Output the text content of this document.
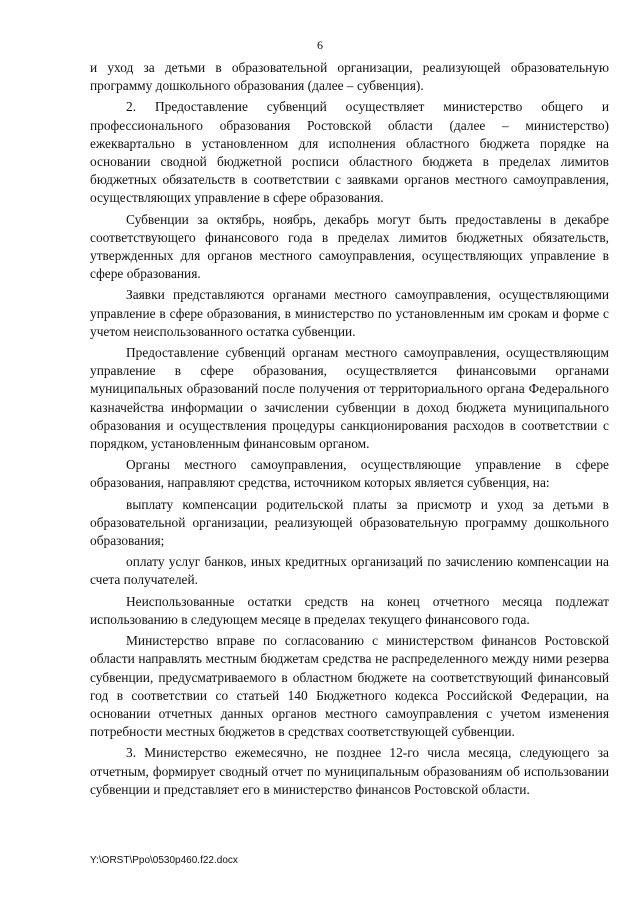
6

и уход за детьми в образовательной организации, реализующей образовательную программу дошкольного образования (далее – субвенция).

2. Предоставление субвенций осуществляет министерство общего и профессионального образования Ростовской области (далее – министерство) ежеквартально в установленном для исполнения областного бюджета порядке на основании сводной бюджетной росписи областного бюджета в пределах лимитов бюджетных обязательств в соответствии с заявками органов местного самоуправления, осуществляющих управление в сфере образования.

Субвенции за октябрь, ноябрь, декабрь могут быть предоставлены в декабре соответствующего финансового года в пределах лимитов бюджетных обязательств, утвержденных для органов местного самоуправления, осуществляющих управление в сфере образования.

Заявки представляются органами местного самоуправления, осуществляющими управление в сфере образования, в министерство по установленным им срокам и форме с учетом неиспользованного остатка субвенции.

Предоставление субвенций органам местного самоуправления, осуществляющим управление в сфере образования, осуществляется финансовыми органами муниципальных образований после получения от территориального органа Федерального казначейства информации о зачислении субвенции в доход бюджета муниципального образования и осуществления процедуры санкционирования расходов в соответствии с порядком, установленным финансовым органом.

Органы местного самоуправления, осуществляющие управление в сфере образования, направляют средства, источником которых является субвенция, на:

выплату компенсации родительской платы за присмотр и уход за детьми в образовательной организации, реализующей образовательную программу дошкольного образования;

оплату услуг банков, иных кредитных организаций по зачислению компенсации на счета получателей.

Неиспользованные остатки средств на конец отчетного месяца подлежат использованию в следующем месяце в пределах текущего финансового года.

Министерство вправе по согласованию с министерством финансов Ростовской области направлять местным бюджетам средства не распределенного между ними резерва субвенции, предусматриваемого в областном бюджете на соответствующий финансовый год в соответствии со статьей 140 Бюджетного кодекса Российской Федерации, на основании отчетных данных органов местного самоуправления с учетом изменения потребности местных бюджетов в средствах соответствующей субвенции.

3. Министерство ежемесячно, не позднее 12-го числа месяца, следующего за отчетным, формирует сводный отчет по муниципальным образованиям об использовании субвенции и представляет его в министерство финансов Ростовской области.

Y:\ORST\Ppo\0530p460.f22.docx
